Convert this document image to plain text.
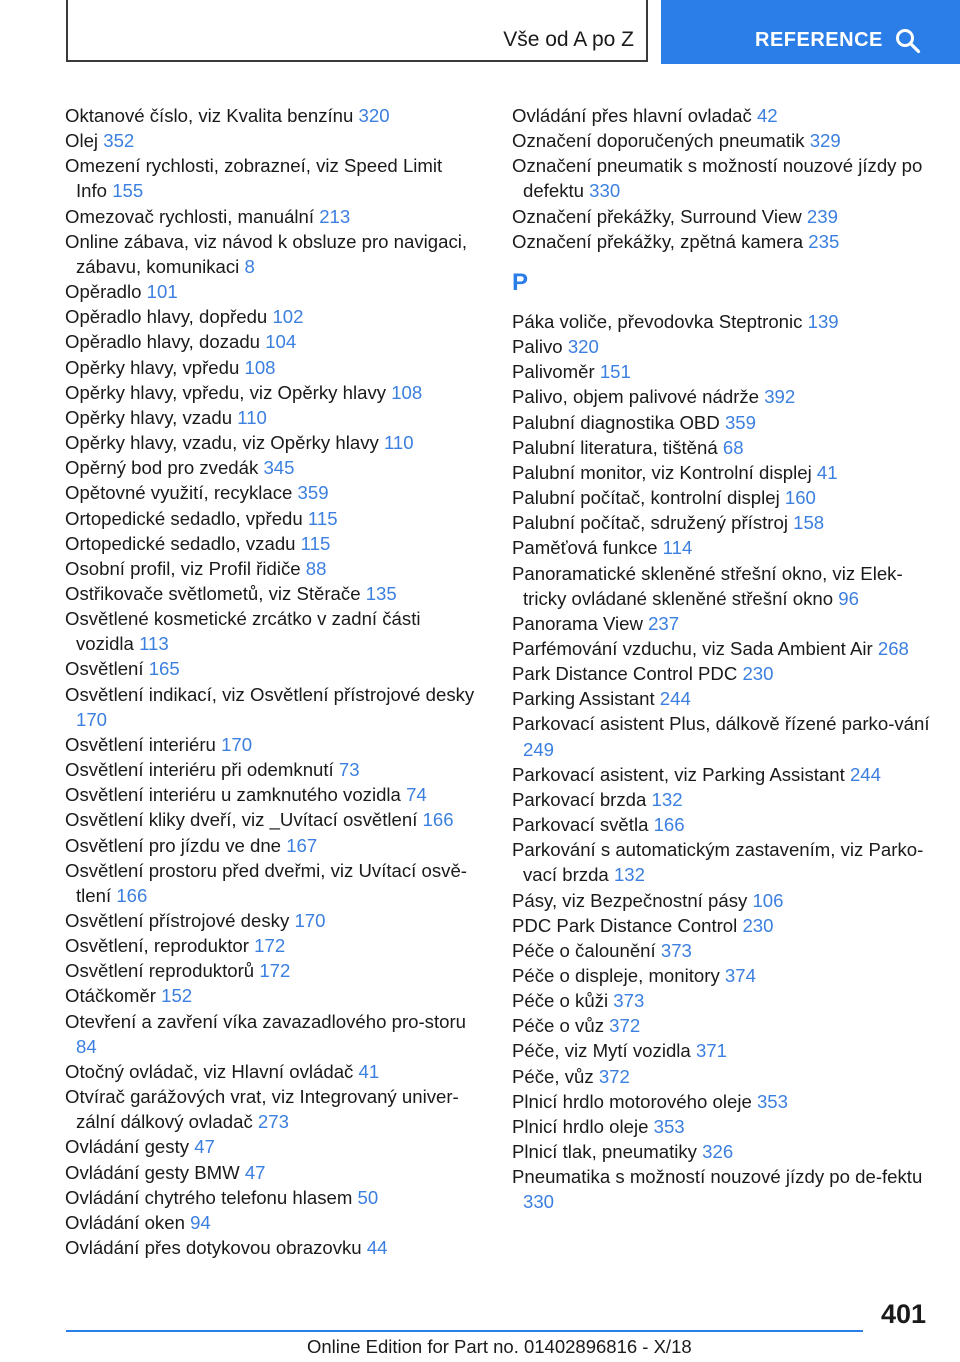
Vše od A po Z	REFERENCE
Oktanové číslo, viz Kvalita benzínu 320
Olej 352
Omezení rychlosti, zobraznеí, viz Speed Limit Info 155
Omezovač rychlosti, manuální 213
Online zábava, viz návod k obsluze pro navigaci, zábavu, komunikaci 8
Opěradlo 101
Opěradlo hlavy, dopředu 102
Opěradlo hlavy, dozadu 104
Opěrky hlavy, vpředu 108
Opěrky hlavy, vpředu, viz Opěrky hlavy 108
Opěrky hlavy, vzadu 110
Opěrky hlavy, vzadu, viz Opěrky hlavy 110
Opěrný bod pro zvedák 345
Opětovné využití, recyklace 359
Ortopedické sedadlo, vpředu 115
Ortopedické sedadlo, vzadu 115
Osobní profil, viz Profil řidiče 88
Ostřikovače světlometů, viz Stěrače 135
Osvětlené kosmetické zrcátko v zadní části vozidla 113
Osvětlení 165
Osvětlení indikací, viz Osvětlení přístrojové desky 170
Osvětlení interiéru 170
Osvětlení interiéru při odemknutí 73
Osvětlení interiéru u zamknutého vozidla 74
Osvětlení kliky dveří, viz _Uvítací osvětlení 166
Osvětlení pro jízdu ve dne 167
Osvětlení prostoru před dveřmi, viz Uvítací osvě-tlení 166
Osvětlení přístrojové desky 170
Osvětlení, reproduktor 172
Osvětlení reproduktorů 172
Otáčkoměr 152
Otevření a zavření víka zavazadlového pro-storu 84
Otočný ovládač, viz Hlavní ovládač 41
Otvírač garážových vrat, viz Integrovaný univer-zální dálkový ovladač 273
Ovládání gesty 47
Ovládání gesty BMW 47
Ovládání chytrého telefonu hlasem 50
Ovládání oken 94
Ovládání přes dotykovou obrazovku 44
Ovládání přes hlavní ovladač 42
Označení doporučených pneumatik 329
Označení pneumatik s možností nouzové jízdy po defektu 330
Označení překážky, Surround View 239
Označení překážky, zpětná kamera 235
P
Páka voliče, převodovka Steptronic 139
Palivo 320
Palivoměr 151
Palivo, objem palivové nádrže 392
Palubní diagnostika OBD 359
Palubní literatura, tištěná 68
Palubní monitor, viz Kontrolní displej 41
Palubní počítač, kontrolní displej 160
Palubní počítač, sdružený přístroj 158
Paměťová funkce 114
Panoramatické skleněné střešní okno, viz Elek-tricky ovládané skleněné střešní okno 96
Panorama View 237
Parfémování vzduchu, viz Sada Ambient Air 268
Park Distance Control PDC 230
Parking Assistant 244
Parkovací asistent Plus, dálkově řízené parko-vání 249
Parkovací asistent, viz Parking Assistant 244
Parkovací brzda 132
Parkovací světla 166
Parkování s automatickým zastavením, viz Parko-vací brzda 132
Pásy, viz Bezpečnostní pásy 106
PDC Park Distance Control 230
Péče o čalounění 373
Péče o displeje, monitory 374
Péče o kůži 373
Péče o vůz 372
Péče, viz Mytí vozidla 371
Péče, vůz 372
Plnicí hrdlo motorového oleje 353
Plnicí hrdlo oleje 353
Plnicí tlak, pneumatiky 326
Pneumatika s možností nouzové jízdy po de-fektu 330
401
Online Edition for Part no. 01402896816 - X/18
